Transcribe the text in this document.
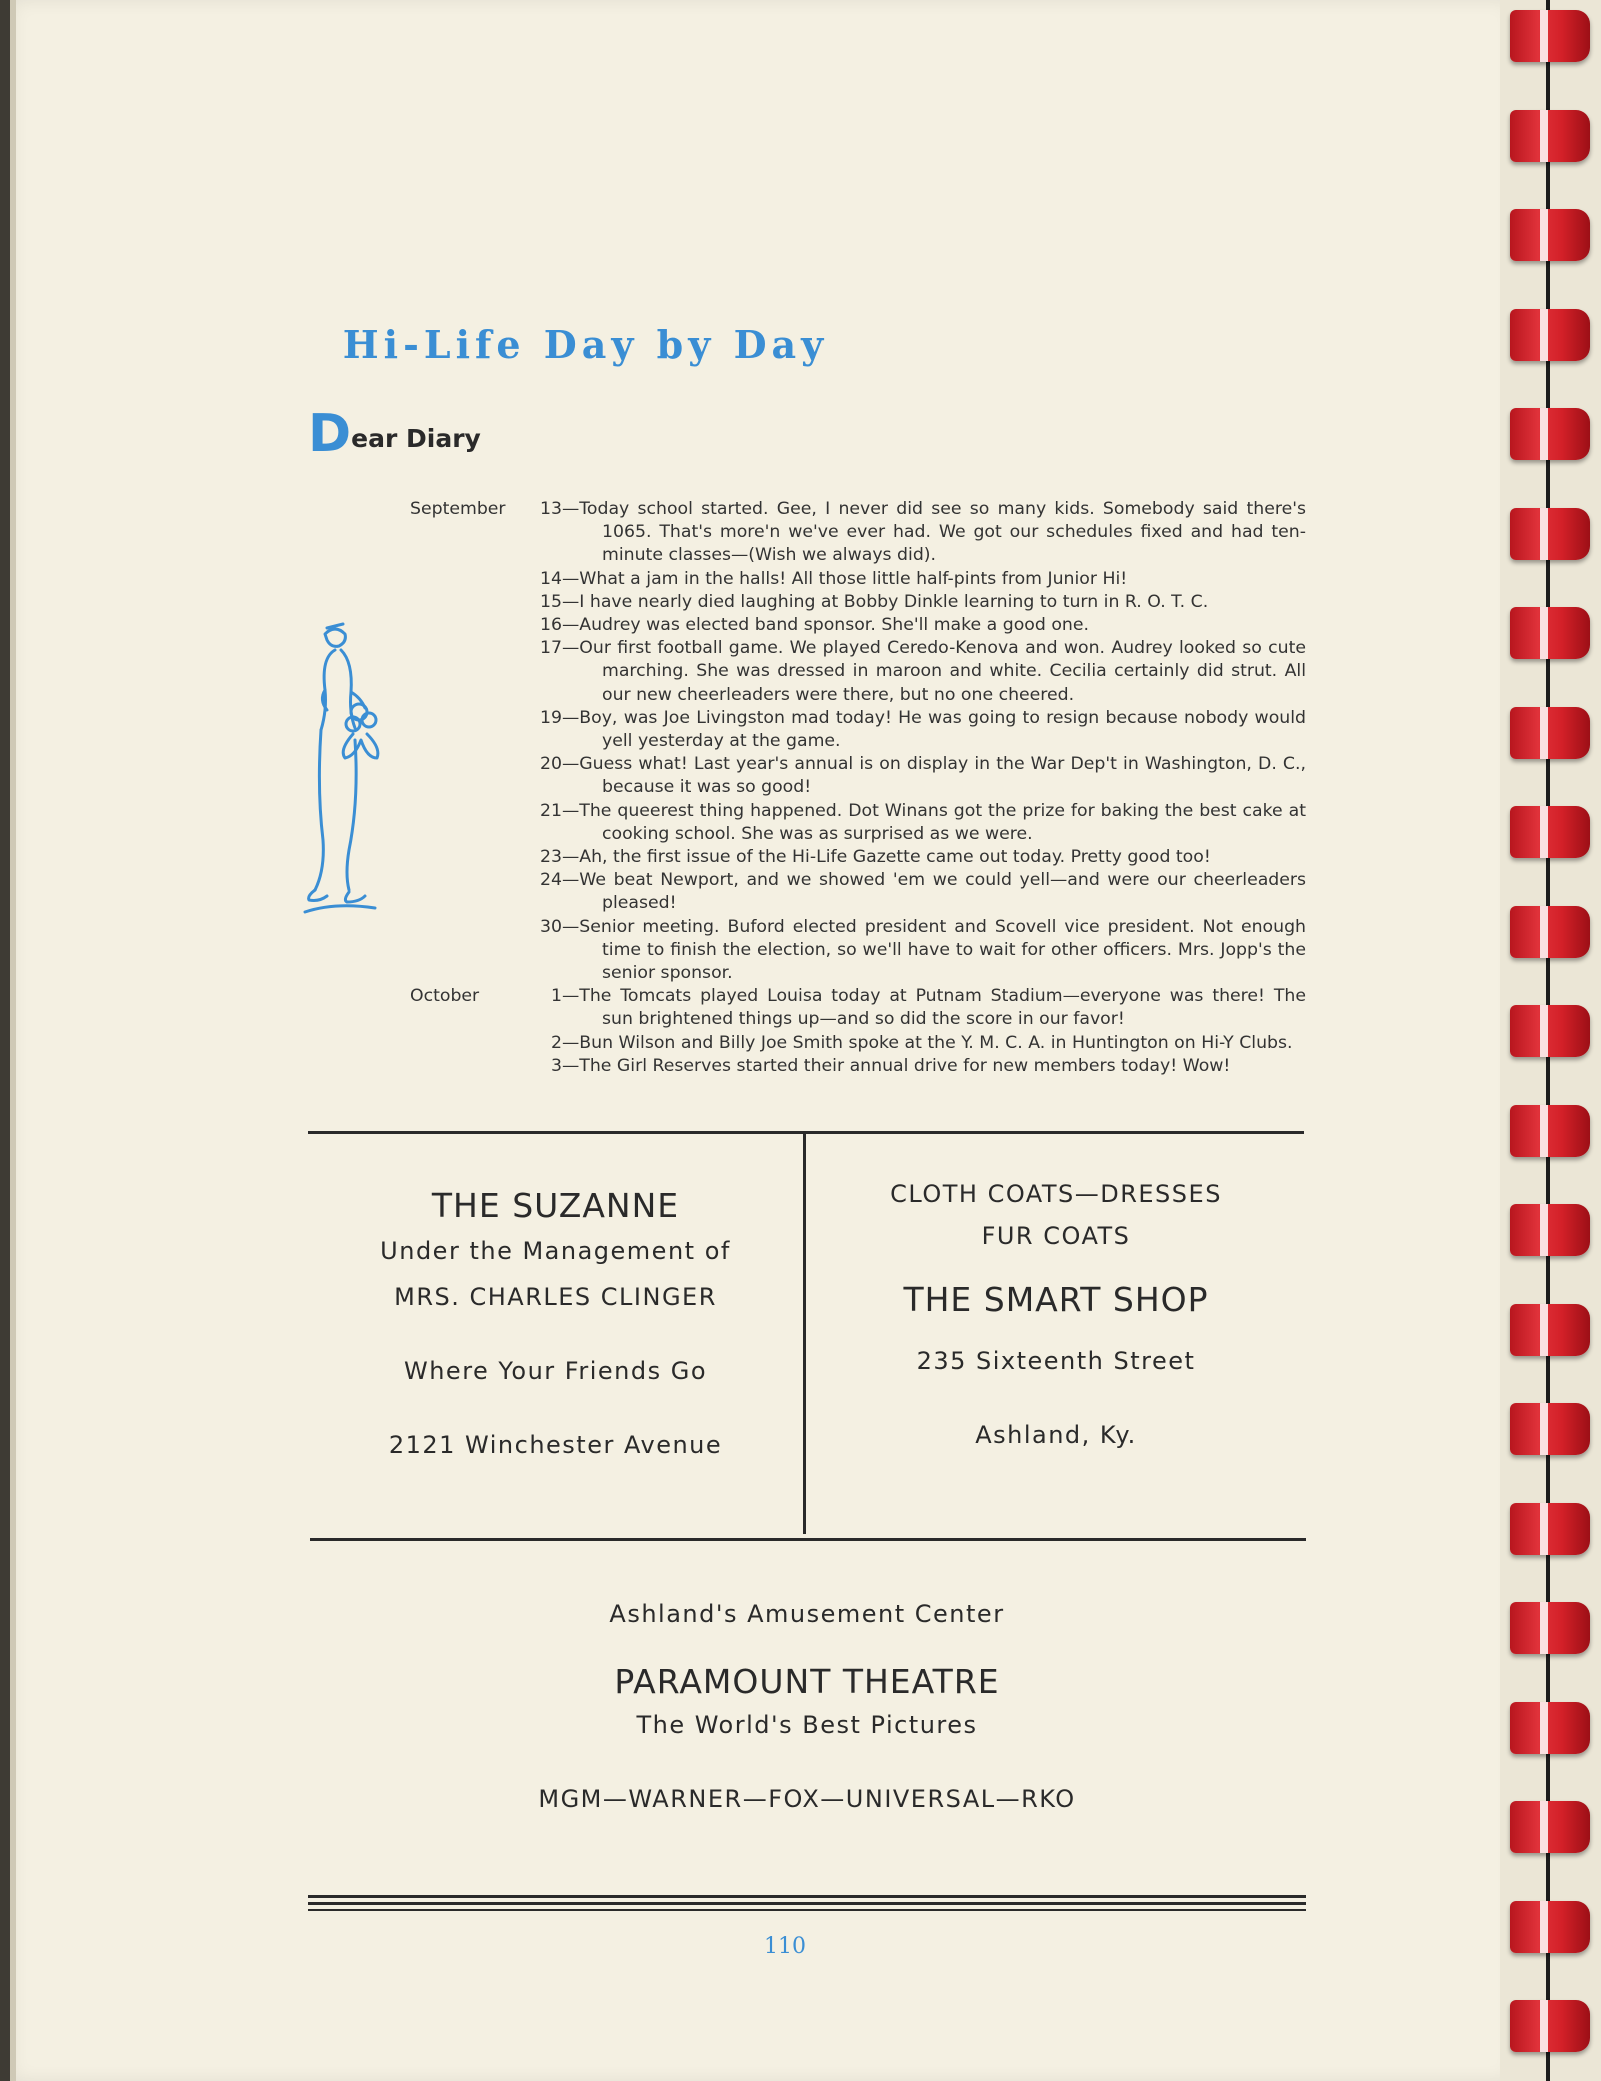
Hi-Life Day by Day
Dear Diary
September	13 —Today school started. Gee, I never did see so many kids. Somebody said there's 1065. That's more'n we've ever had. We got our schedules fixed and had ten-minute classes—(Wish we always did).
14 —What a jam in the halls! All those little half-pints from Junior Hi!
15 —I have nearly died laughing at Bobby Dinkle learning to turn in R. O. T. C.
16 —Audrey was elected band sponsor. She'll make a good one.
17 —Our first football game. We played Ceredo-Kenova and won. Audrey looked so cute marching. She was dressed in maroon and white. Cecilia certainly did strut. All our new cheerleaders were there, but no one cheered.
19 —Boy, was Joe Livingston mad today! He was going to resign because nobody would yell yesterday at the game.
20 —Guess what! Last year's annual is on display in the War Dep't in Washington, D. C., because it was so good!
21 —The queerest thing happened. Dot Winans got the prize for baking the best cake at cooking school. She was as surprised as we were.
23 —Ah, the first issue of the Hi-Life Gazette came out today. Pretty good too!
24 —We beat Newport, and we showed 'em we could yell—and were our cheerleaders pleased!
30 —Senior meeting. Buford elected president and Scovell vice president. Not enough time to finish the election, so we'll have to wait for other officers. Mrs. Jopp's the senior sponsor.
October	1 —The Tomcats played Louisa today at Putnam Stadium—everyone was there! The sun brightened things up—and so did the score in our favor!
2 —Bun Wilson and Billy Joe Smith spoke at the Y. M. C. A. in Huntington on Hi-Y Clubs.
3 —The Girl Reserves started their annual drive for new members today! Wow!
THE SUZANNE
Under the Management of
MRS. CHARLES CLINGER
Where Your Friends Go
2121 Winchester Avenue
CLOTH COATS—DRESSES
FUR COATS
THE SMART SHOP
235 Sixteenth Street
Ashland, Ky.
Ashland's Amusement Center
PARAMOUNT THEATRE
The World's Best Pictures
MGM—WARNER—FOX—UNIVERSAL—RKO
110
